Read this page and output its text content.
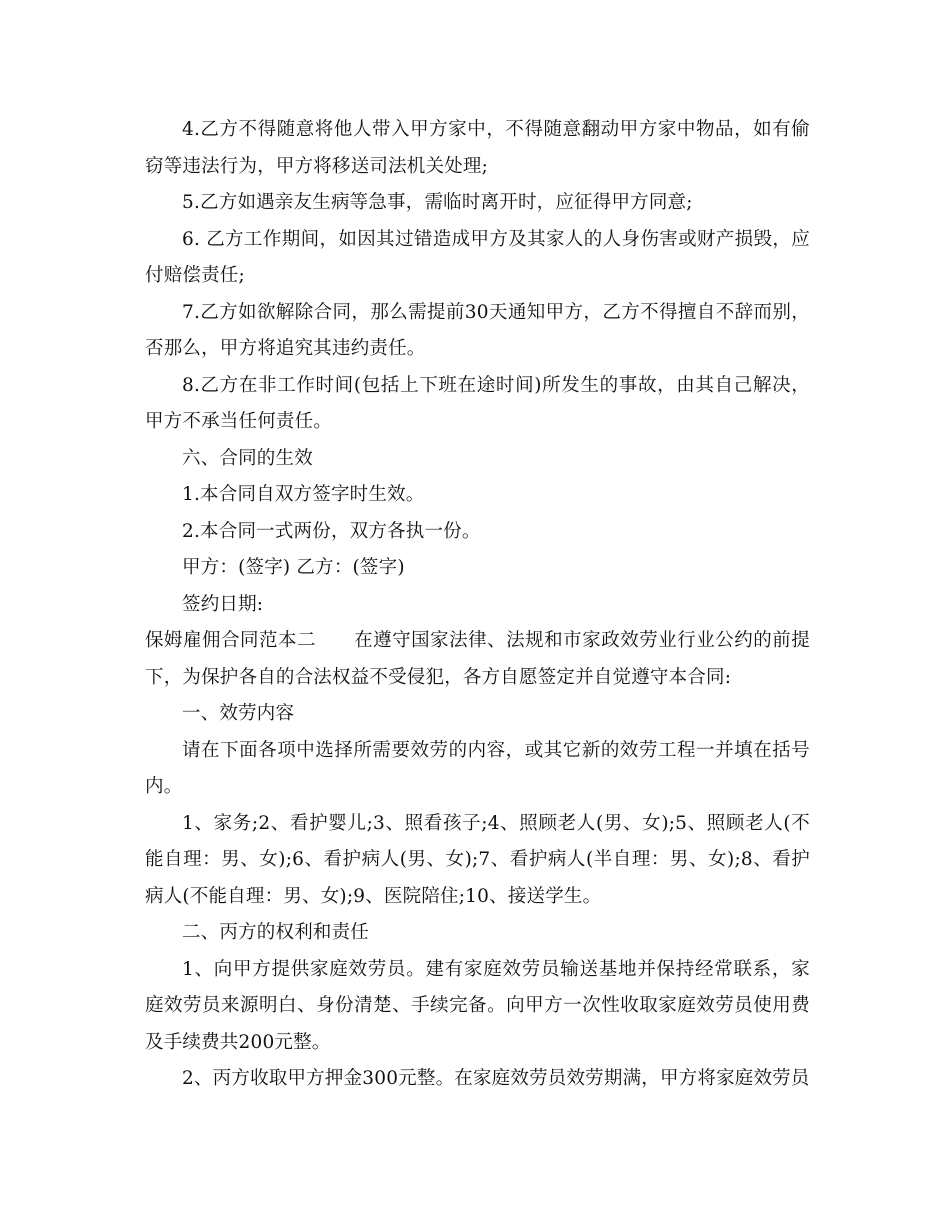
4.乙方不得随意将他人带入甲方家中，不得随意翻动甲方家中物品，如有偷窃等违法行为，甲方将移送司法机关处理;

5.乙方如遇亲友生病等急事，需临时离开时，应征得甲方同意;

6. 乙方工作期间，如因其过错造成甲方及其家人的人身伤害或财产损毁，应付赔偿责任;

7.乙方如欲解除合同，那么需提前30天通知甲方，乙方不得擅自不辞而别，否那么，甲方将追究其违约责任。

8.乙方在非工作时间(包括上下班在途时间)所发生的事故，由其自己解决，甲方不承当任何责任。

六、合同的生效

1.本合同自双方签字时生效。

2.本合同一式两份，双方各执一份。

甲方：(签字) 乙方：(签字)

签约日期:

保姆雇佣合同范本二　　在遵守国家法律、法规和市家政效劳业行业公约的前提下，为保护各自的合法权益不受侵犯，各方自愿签定并自觉遵守本合同:

一、效劳内容

请在下面各项中选择所需要效劳的内容，或其它新的效劳工程一并填在括号内。

1、家务;2、看护婴儿;3、照看孩子;4、照顾老人(男、女);5、照顾老人(不能自理：男、女);6、看护病人(男、女);7、看护病人(半自理：男、女);8、看护病人(不能自理：男、女);9、医院陪住;10、接送学生。

二、丙方的权利和责任

1、向甲方提供家庭效劳员。建有家庭效劳员输送基地并保持经常联系，家庭效劳员来源明白、身份清楚、手续完备。向甲方一次性收取家庭效劳员使用费及手续费共200元整。

2、丙方收取甲方押金300元整。在家庭效劳员效劳期满，甲方将家庭效劳员
